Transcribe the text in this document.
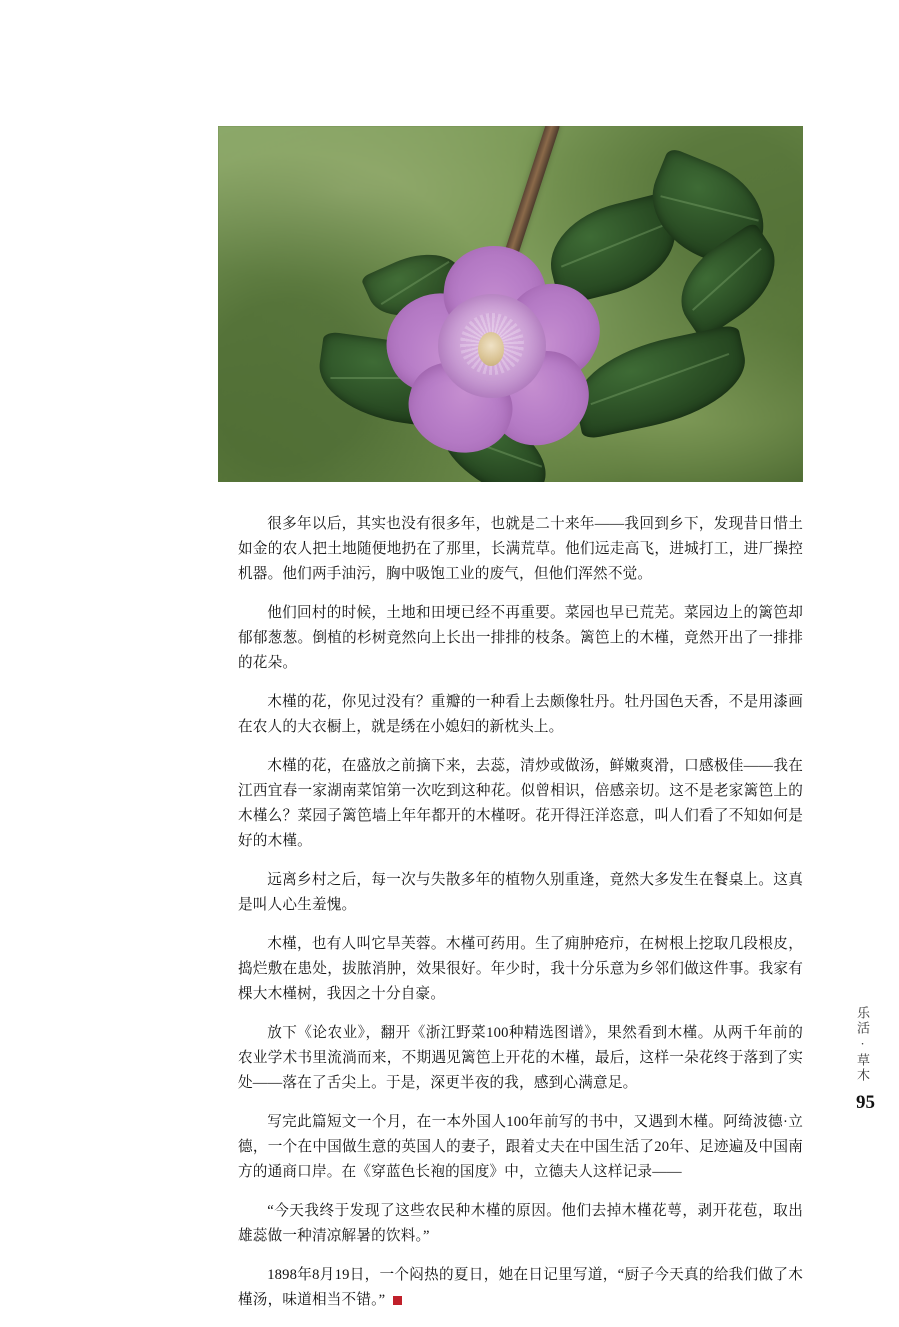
很多年以后，其实也没有很多年，也就是二十来年——我回到乡下，发现昔日惜土如金的农人把土地随便地扔在了那里，长满荒草。他们远走高飞，进城打工，进厂操控机器。他们两手油污，胸中吸饱工业的废气，但他们浑然不觉。

他们回村的时候，土地和田埂已经不再重要。菜园也早已荒芜。菜园边上的篱笆却郁郁葱葱。倒植的杉树竟然向上长出一排排的枝条。篱笆上的木槿，竟然开出了一排排的花朵。

木槿的花，你见过没有？重瓣的一种看上去颇像牡丹。牡丹国色天香，不是用漆画在农人的大衣橱上，就是绣在小媳妇的新枕头上。

木槿的花，在盛放之前摘下来，去蕊，清炒或做汤，鲜嫩爽滑，口感极佳——我在江西宜春一家湖南菜馆第一次吃到这种花。似曾相识，倍感亲切。这不是老家篱笆上的木槿么？菜园子篱笆墙上年年都开的木槿呀。花开得汪洋恣意，叫人们看了不知如何是好的木槿。

远离乡村之后，每一次与失散多年的植物久别重逢，竟然大多发生在餐桌上。这真是叫人心生羞愧。

木槿，也有人叫它旱芙蓉。木槿可药用。生了痈肿疮疖，在树根上挖取几段根皮，捣烂敷在患处，拔脓消肿，效果很好。年少时，我十分乐意为乡邻们做这件事。我家有棵大木槿树，我因之十分自豪。

放下《论农业》，翻开《浙江野菜100种精选图谱》，果然看到木槿。从两千年前的农业学术书里流淌而来，不期遇见篱笆上开花的木槿，最后，这样一朵花终于落到了实处——落在了舌尖上。于是，深更半夜的我，感到心满意足。

写完此篇短文一个月，在一本外国人100年前写的书中，又遇到木槿。阿绮波德·立德，一个在中国做生意的英国人的妻子，跟着丈夫在中国生活了20年、足迹遍及中国南方的通商口岸。在《穿蓝色长袍的国度》中，立德夫人这样记录——

“今天我终于发现了这些农民种木槿的原因。他们去掉木槿花萼，剥开花苞，取出雄蕊做一种清凉解暑的饮料。”

1898年8月19日，一个闷热的夏日，她在日记里写道，“厨子今天真的给我们做了木槿汤，味道相当不错。”

乐活·草木
95
